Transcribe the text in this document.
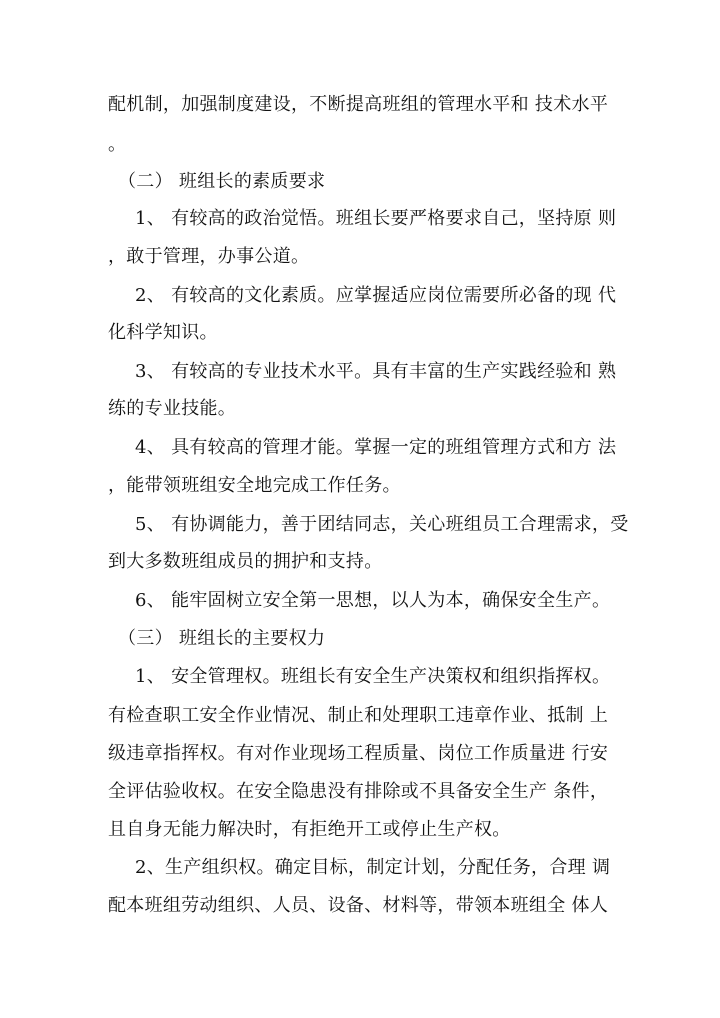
配机制，加强制度建设，不断提高班组的管理水平和 技术水平
。
（二） 班组长的素质要求
1、 有较高的政治觉悟。班组长要严格要求自己，坚持原 则
，敢于管理，办事公道。
2、 有较高的文化素质。应掌握适应岗位需要所必备的现 代
化科学知识。
3、 有较高的专业技术水平。具有丰富的生产实践经验和 熟
练的专业技能。
4、 具有较高的管理才能。掌握一定的班组管理方式和方 法
，能带领班组安全地完成工作任务。
5、 有协调能力，善于团结同志，关心班组员工合理需求，受
到大多数班组成员的拥护和支持。
6、 能牢固树立安全第一思想，以人为本，确保安全生产。
（三） 班组长的主要权力
1、 安全管理权。班组长有安全生产决策权和组织指挥权。
有检查职工安全作业情况、制止和处理职工违章作业、抵制 上
级违章指挥权。有对作业现场工程质量、岗位工作质量进 行安
全评估验收权。在安全隐患没有排除或不具备安全生产 条件，
且自身无能力解决时，有拒绝开工或停止生产权。
2、生产组织权。确定目标，制定计划，分配任务，合理 调
配本班组劳动组织、人员、设备、材料等，带领本班组全 体人
